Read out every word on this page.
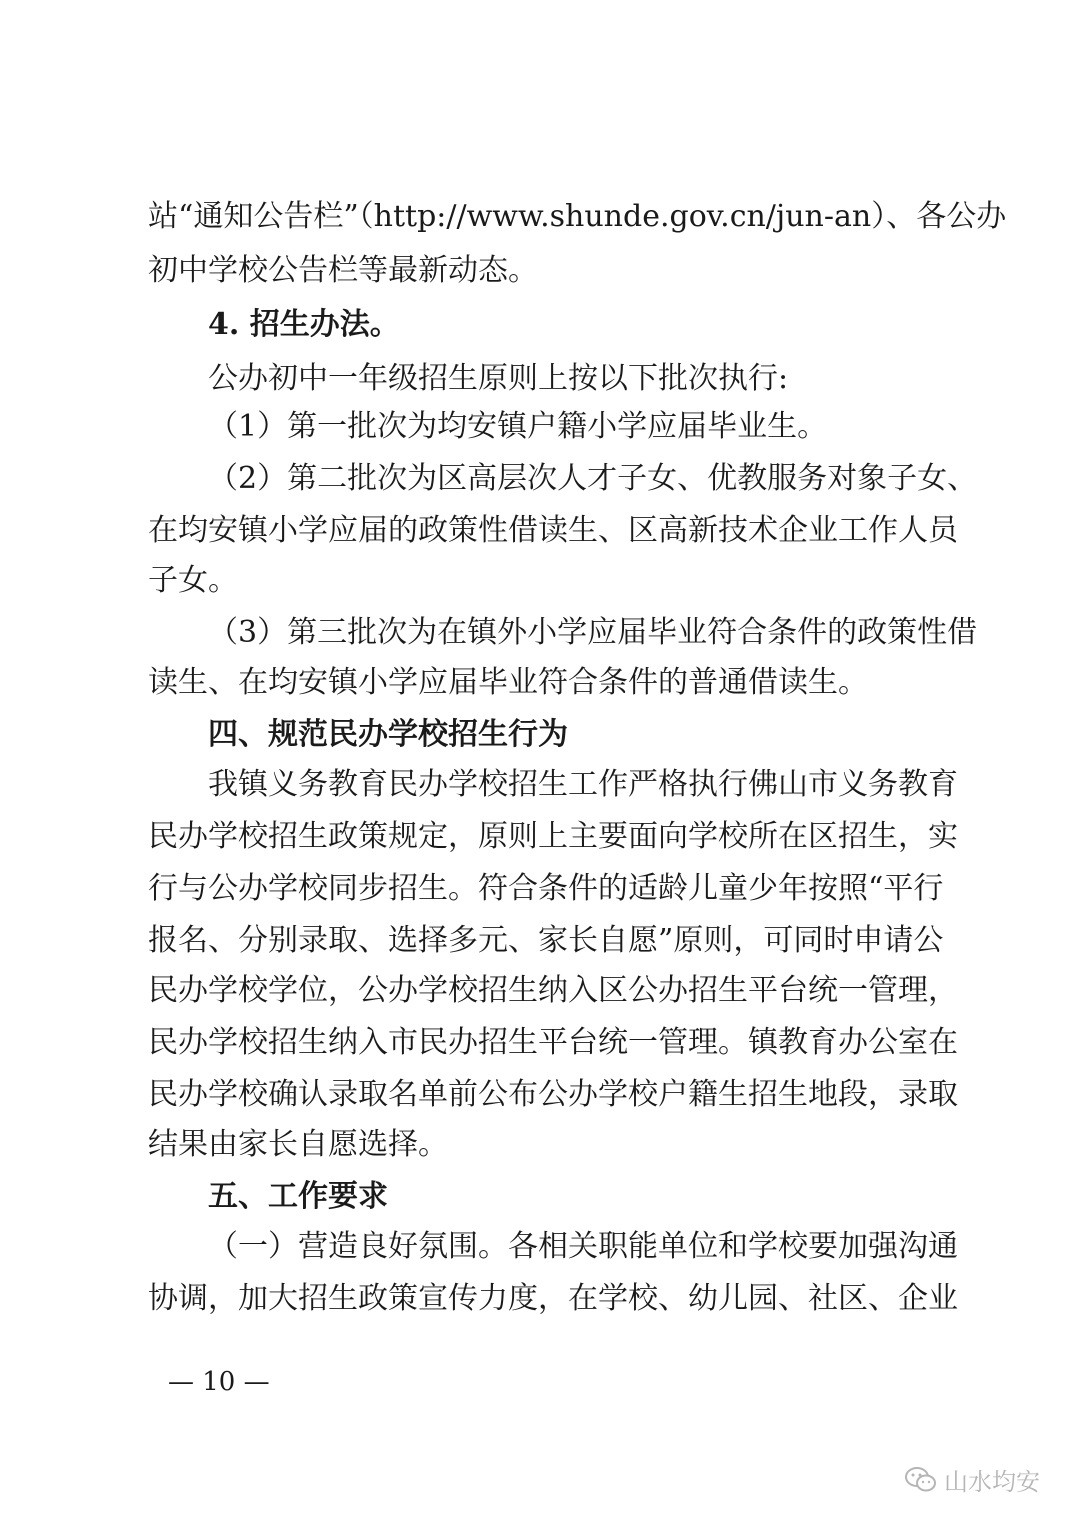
站“通知公告栏”（http://www.shunde.gov.cn/jun-an）、各公办
初中学校公告栏等最新动态。
4. 招生办法。
公办初中一年级招生原则上按以下批次执行:
（1）第一批次为均安镇户籍小学应届毕业生。
（2）第二批次为区高层次人才子女、优教服务对象子女、
在均安镇小学应届的政策性借读生、区高新技术企业工作人员
子女。
（3）第三批次为在镇外小学应届毕业符合条件的政策性借
读生、在均安镇小学应届毕业符合条件的普通借读生。
四、规范民办学校招生行为
我镇义务教育民办学校招生工作严格执行佛山市义务教育
民办学校招生政策规定，原则上主要面向学校所在区招生，实
行与公办学校同步招生。符合条件的适龄儿童少年按照“平行
报名、分别录取、选择多元、家长自愿”原则，可同时申请公
民办学校学位，公办学校招生纳入区公办招生平台统一管理，
民办学校招生纳入市民办招生平台统一管理。镇教育办公室在
民办学校确认录取名单前公布公办学校户籍生招生地段，录取
结果由家长自愿选择。
五、工作要求
（一）营造良好氛围。各相关职能单位和学校要加强沟通
协调，加大招生政策宣传力度，在学校、幼儿园、社区、企业
— 10 —
山水均安
